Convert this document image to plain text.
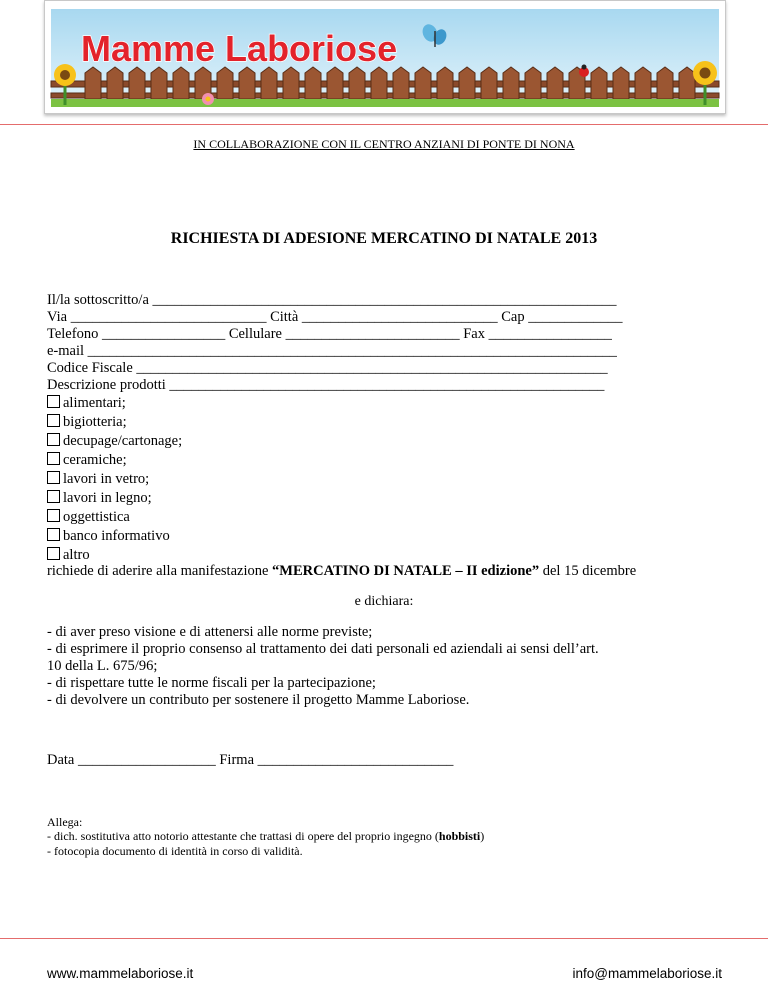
Mamme Laboriose
IN COLLABORAZIONE CON IL CENTRO ANZIANI DI PONTE DI NONA
RICHIESTA DI ADESIONE MERCATINO DI NATALE 2013
Il/la sottoscritto/a ________________________________________________________________
Via ___________________________ Città ___________________________ Cap _____________
Telefono _________________ Cellulare ________________________ Fax _________________
e-mail _________________________________________________________________________
Codice Fiscale _________________________________________________________________
Descrizione prodotti ____________________________________________________________
alimentari;
bigiotteria;
decupage/cartonage;
ceramiche;
lavori in vetro;
lavori in legno;
oggettistica
banco informativo
altro
richiede di aderire alla manifestazione “MERCATINO DI NATALE – II edizione” del 15 dicembre
e dichiara:
- di aver preso visione e di attenersi alle norme previste;
- di esprimere il proprio consenso al trattamento dei dati personali ed aziendali ai sensi dell’art.
10 della L. 675/96;
- di rispettare tutte le norme fiscali per la partecipazione;
- di devolvere un contributo per sostenere il progetto Mamme Laboriose.
Data ___________________ Firma ___________________________
Allega:
- dich. sostitutiva atto notorio attestante che trattasi di opere del proprio ingegno (hobbisti)
- fotocopia documento di identità in corso di validità.
www.mammelaboriose.it	info@mammelaboriose.it
